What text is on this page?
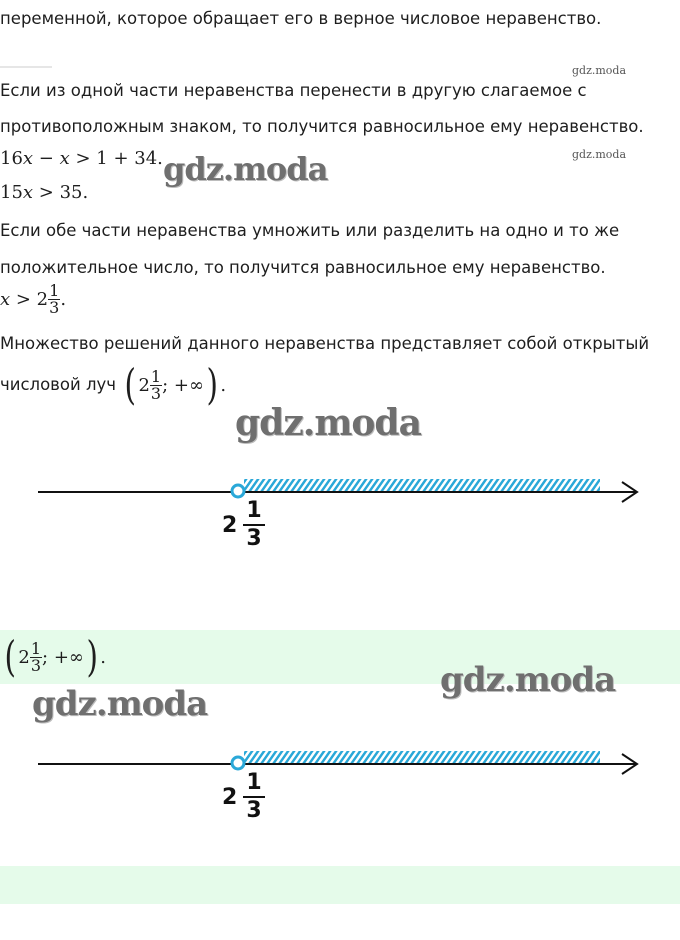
переменной, которое обращает его в верное числовое неравенство.
gdz.moda
Если из одной части неравенства перенести в другую слагаемое с
противоположным знаком, то получится равносильное ему неравенство.
16x − x > 1 + 34. gdz.moda	gdz.moda
15x > 35.
Если обе части неравенства умножить или разделить на одно и то же
положительное число, то получится равносильное ему неравенство.
$x > 2 \frac{1}{3}$ .
Множество решений данного неравенства представляет собой открытый
числовой луч ( $2 \frac{1}{3}$ ; +∞ ) .
gdz.moda
$2 \frac{1}{3}$
( $2 \frac{1}{3}$ ; +∞ ) .
gdz.moda
gdz.moda
$2 \frac{1}{3}$
